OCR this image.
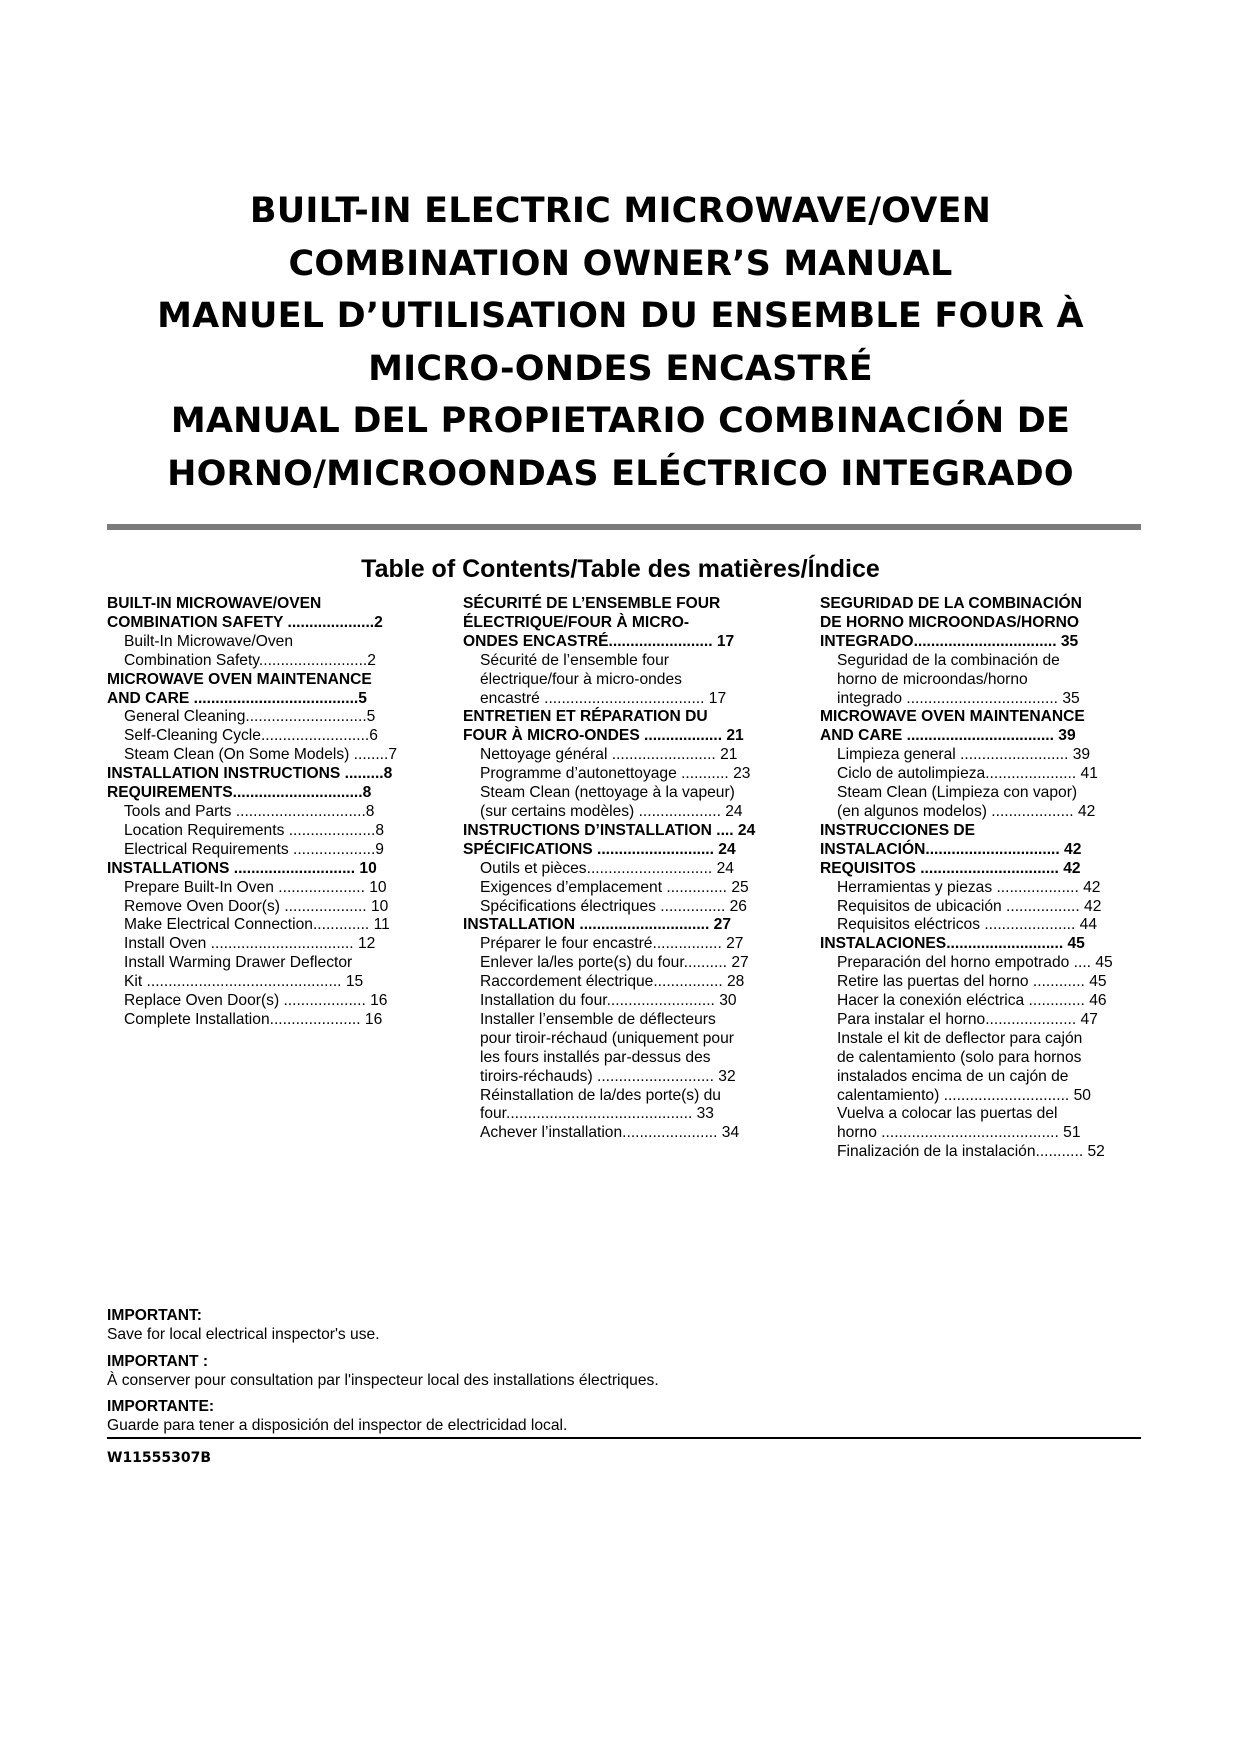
BUILT-IN ELECTRIC MICROWAVE/OVEN
COMBINATION OWNER’S MANUAL
MANUEL D’UTILISATION DU ENSEMBLE FOUR À
MICRO-ONDES ENCASTRÉ
MANUAL DEL PROPIETARIO COMBINACIÓN DE
HORNO/MICROONDAS ELÉCTRICO INTEGRADO
Table of Contents/Table des matières/Índice
BUILT-IN MICROWAVE/OVEN
COMBINATION SAFETY ....................2
Built-In Microwave/Oven
Combination Safety.........................2
MICROWAVE OVEN MAINTENANCE
AND CARE ......................................5
General Cleaning............................5
Self-Cleaning Cycle.........................6
Steam Clean (On Some Models) ........7
INSTALLATION INSTRUCTIONS .........8
REQUIREMENTS..............................8
Tools and Parts ..............................8
Location Requirements ....................8
Electrical Requirements ...................9
INSTALLATIONS ............................ 10
Prepare Built-In Oven .................... 10
Remove Oven Door(s) ................... 10
Make Electrical Connection............. 11
Install Oven ................................. 12
Install Warming Drawer Deflector
Kit ............................................. 15
Replace Oven Door(s) ................... 16
Complete Installation..................... 16
SÉCURITÉ DE L’ENSEMBLE FOUR
ÉLECTRIQUE/FOUR À MICRO-
ONDES ENCASTRÉ........................ 17
Sécurité de l’ensemble four
électrique/four à micro-ondes
encastré ..................................... 17
ENTRETIEN ET RÉPARATION DU
FOUR À MICRO-ONDES .................. 21
Nettoyage général ........................ 21
Programme d’autonettoyage ........... 23
Steam Clean (nettoyage à la vapeur)
(sur certains modèles) ................... 24
INSTRUCTIONS D’INSTALLATION .... 24
SPÉCIFICATIONS ........................... 24
Outils et pièces............................. 24
Exigences d’emplacement .............. 25
Spécifications électriques ............... 26
INSTALLATION .............................. 27
Préparer le four encastré................ 27
Enlever la/les porte(s) du four.......... 27
Raccordement électrique................ 28
Installation du four......................... 30
Installer l’ensemble de déflecteurs
pour tiroir-réchaud (uniquement pour
les fours installés par-dessus des
tiroirs-réchauds) ........................... 32
Réinstallation de la/des porte(s) du
four........................................... 33
Achever l’installation...................... 34
SEGURIDAD DE LA COMBINACIÓN
DE HORNO MICROONDAS/HORNO
INTEGRADO................................. 35
Seguridad de la combinación de
horno de microondas/horno
integrado ................................... 35
MICROWAVE OVEN MAINTENANCE
AND CARE .................................. 39
Limpieza general ......................... 39
Ciclo de autolimpieza..................... 41
Steam Clean (Limpieza con vapor)
(en algunos modelos) ................... 42
INSTRUCCIONES DE
INSTALACIÓN............................... 42
REQUISITOS ................................ 42
Herramientas y piezas ................... 42
Requisitos de ubicación ................. 42
Requisitos eléctricos ..................... 44
INSTALACIONES........................... 45
Preparación del horno empotrado .... 45
Retire las puertas del horno ............ 45
Hacer la conexión eléctrica ............. 46
Para instalar el horno..................... 47
Instale el kit de deflector para cajón
de calentamiento (solo para hornos
instalados encima de un cajón de
calentamiento) ............................. 50
Vuelva a colocar las puertas del
horno ......................................... 51
Finalización de la instalación........... 52
IMPORTANT:
Save for local electrical inspector's use.
IMPORTANT :
À conserver pour consultation par l'inspecteur local des installations électriques.
IMPORTANTE:
Guarde para tener a disposición del inspector de electricidad local.
W11555307B
